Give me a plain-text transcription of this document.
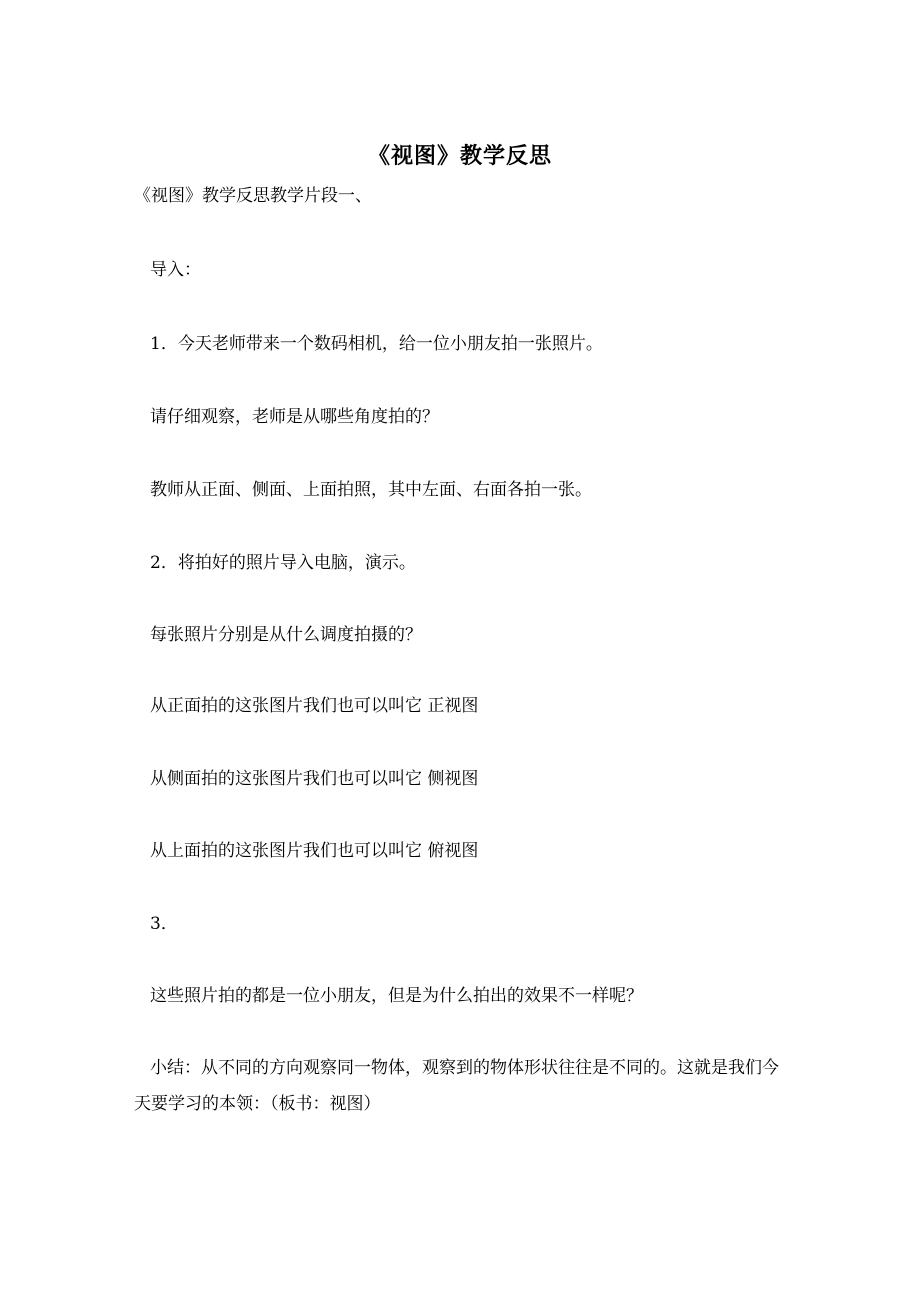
《视图》教学反思
《视图》教学反思教学片段一、
导入：
1．今天老师带来一个数码相机，给一位小朋友拍一张照片。
请仔细观察，老师是从哪些角度拍的？
教师从正面、侧面、上面拍照，其中左面、右面各拍一张。
2．将拍好的照片导入电脑，演示。
每张照片分别是从什么调度拍摄的？
从正面拍的这张图片我们也可以叫它 正视图
从侧面拍的这张图片我们也可以叫它 侧视图
从上面拍的这张图片我们也可以叫它 俯视图
3．
这些照片拍的都是一位小朋友，但是为什么拍出的效果不一样呢？
小结：从不同的方向观察同一物体，观察到的物体形状往往是不同的。这就是我们今天要学习的本领：（板书：视图）
